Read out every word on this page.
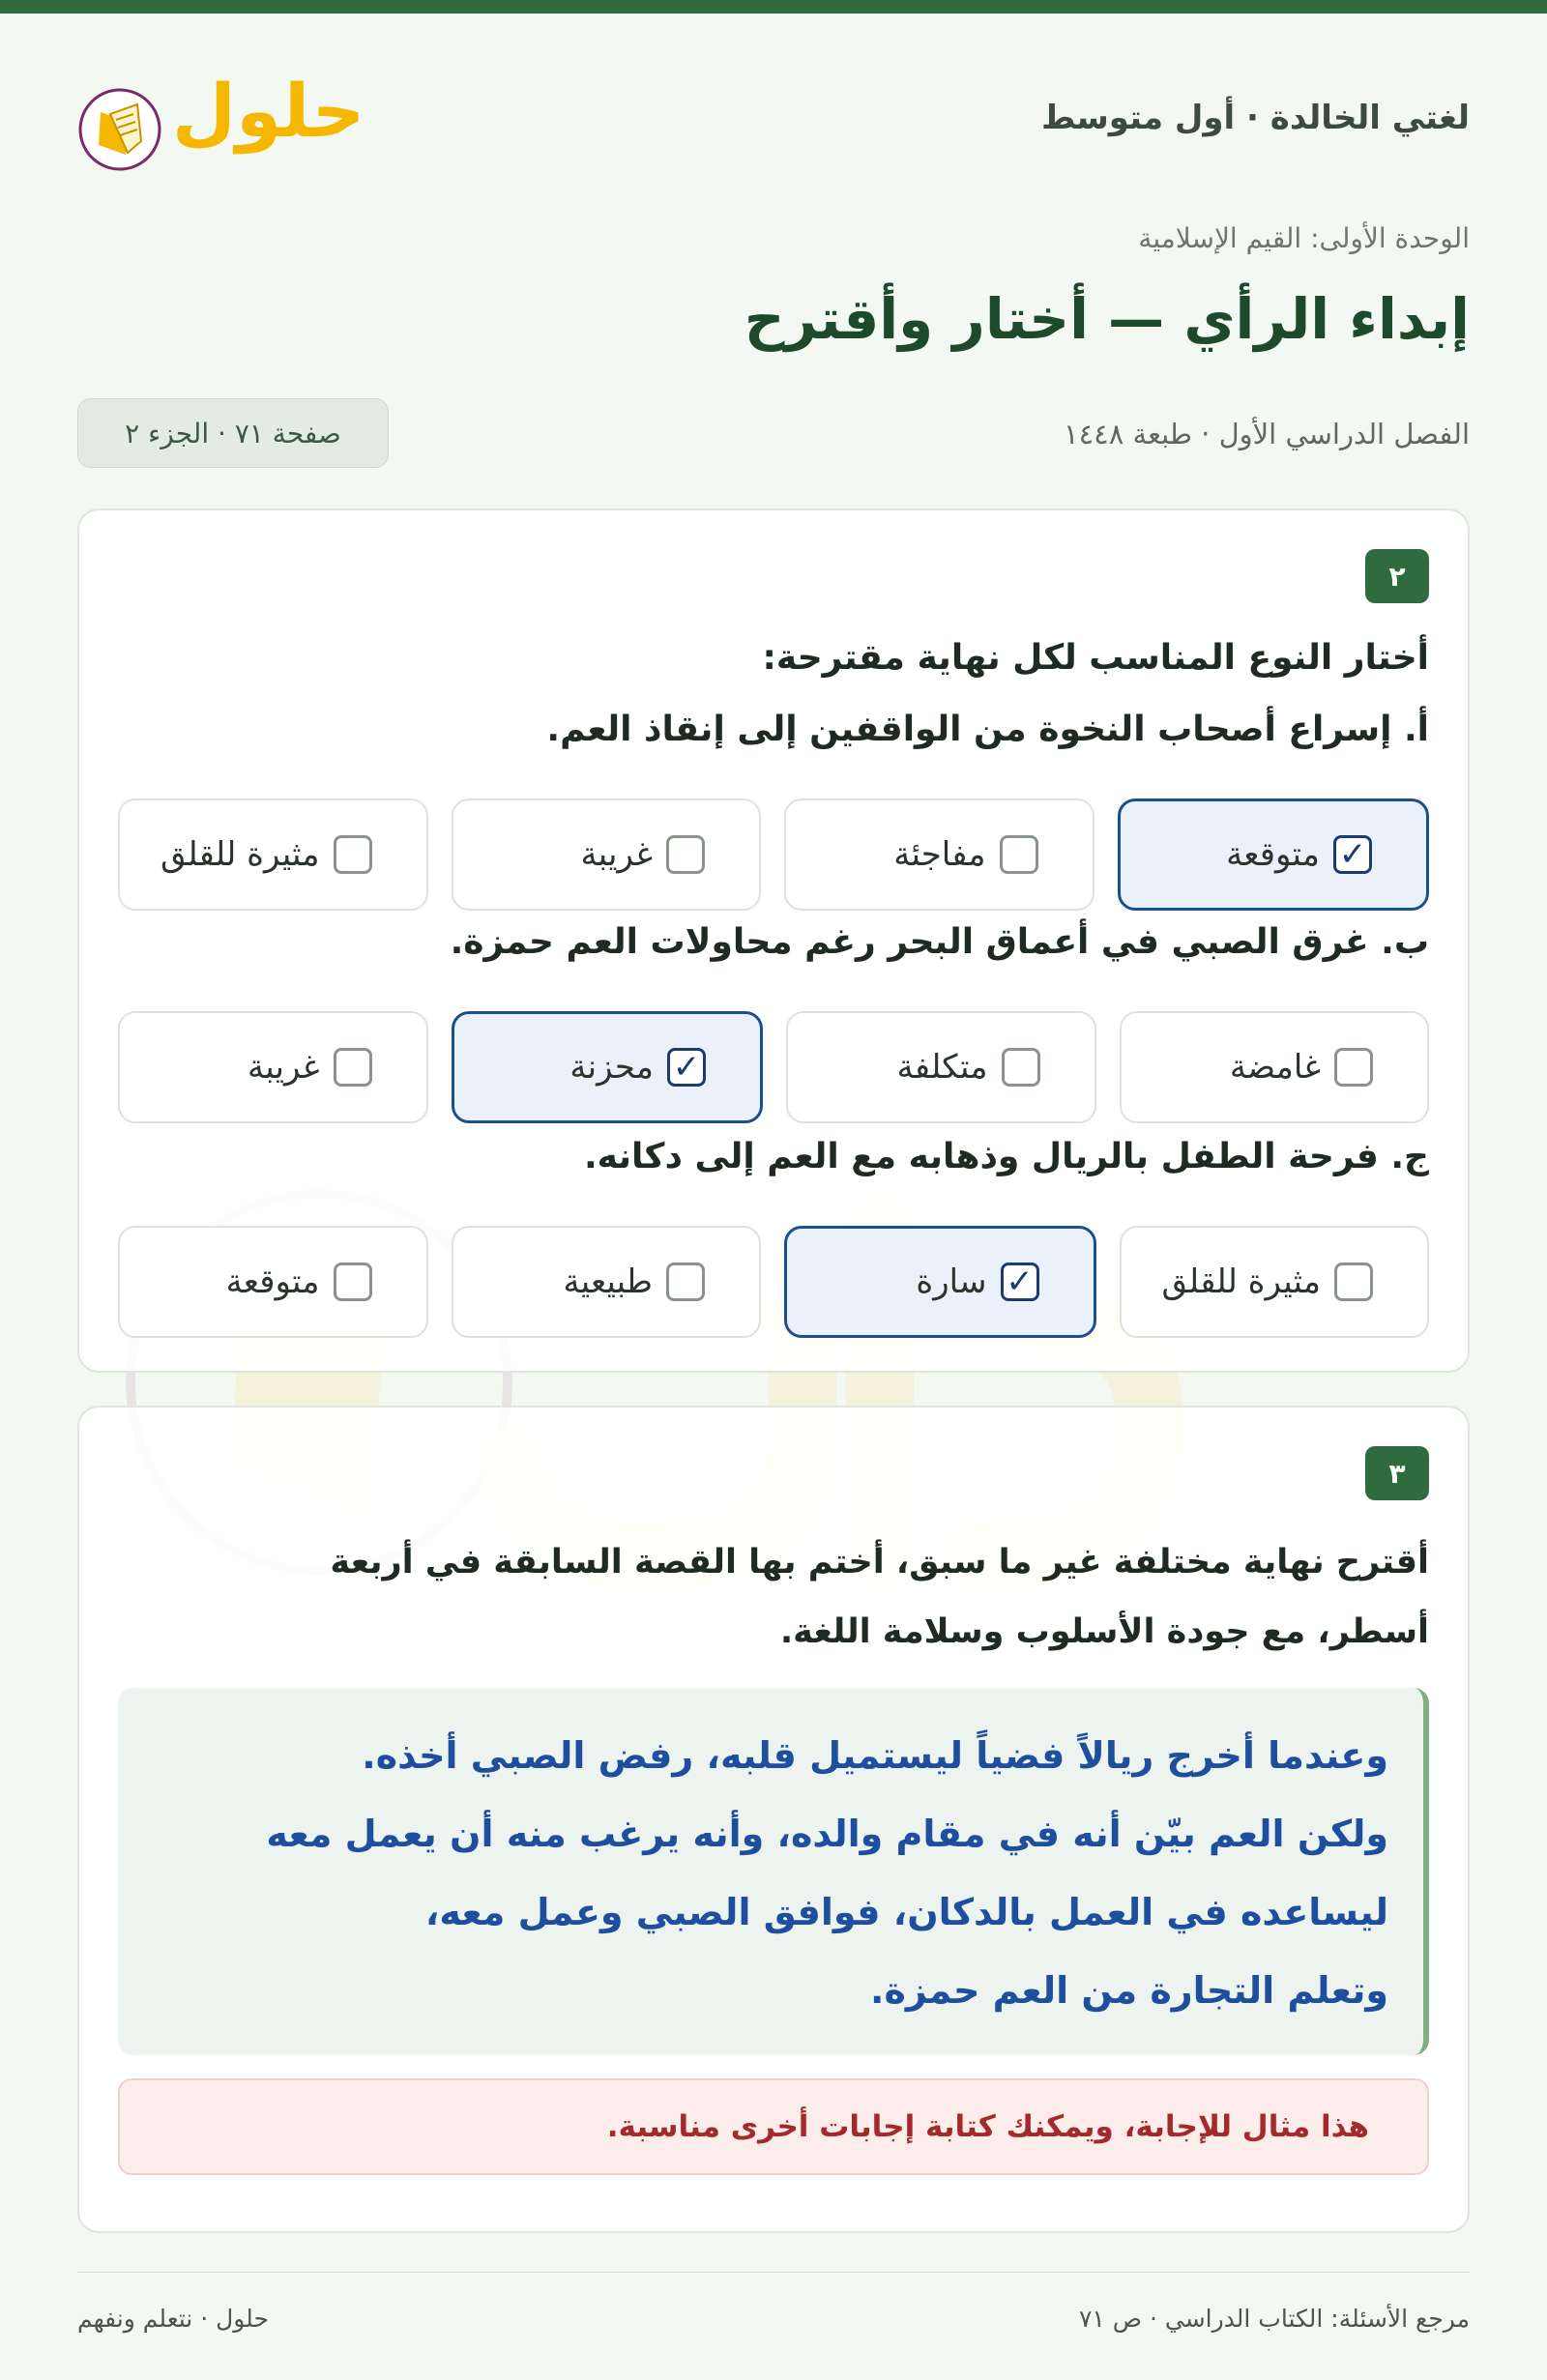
لغتي الخالدة · أول متوسط
حلول
الوحدة الأولى: القيم الإسلامية
إبداء الرأي — أختار وأقترح
الفصل الدراسي الأول · طبعة ١٤٤٨
صفحة ٧١ · الجزء ٢
٢
أختار النوع المناسب لكل نهاية مقترحة:
أ. إسراع أصحاب النخوة من الواقفين إلى إنقاذ العم.
✓
متوقعة
مفاجئة
غريبة
مثيرة للقلق
ب. غرق الصبي في أعماق البحر رغم محاولات العم حمزة.
غامضة
متكلفة
✓
محزنة
غريبة
ج. فرحة الطفل بالريال وذهابه مع العم إلى دكانه.
مثيرة للقلق
✓
سارة
طبيعية
متوقعة
٣
أقترح نهاية مختلفة غير ما سبق، أختم بها القصة السابقة في أربعة
أسطر، مع جودة الأسلوب وسلامة اللغة.
وعندما أخرج ريالاً فضياً ليستميل قلبه، رفض الصبي أخذه.
ولكن العم بيّن أنه في مقام والده، وأنه يرغب منه أن يعمل معه
ليساعده في العمل بالدكان، فوافق الصبي وعمل معه،
وتعلم التجارة من العم حمزة.
هذا مثال للإجابة، ويمكنك كتابة إجابات أخرى مناسبة.
مرجع الأسئلة: الكتاب الدراسي · ص ٧١
حلول · نتعلم ونفهم
